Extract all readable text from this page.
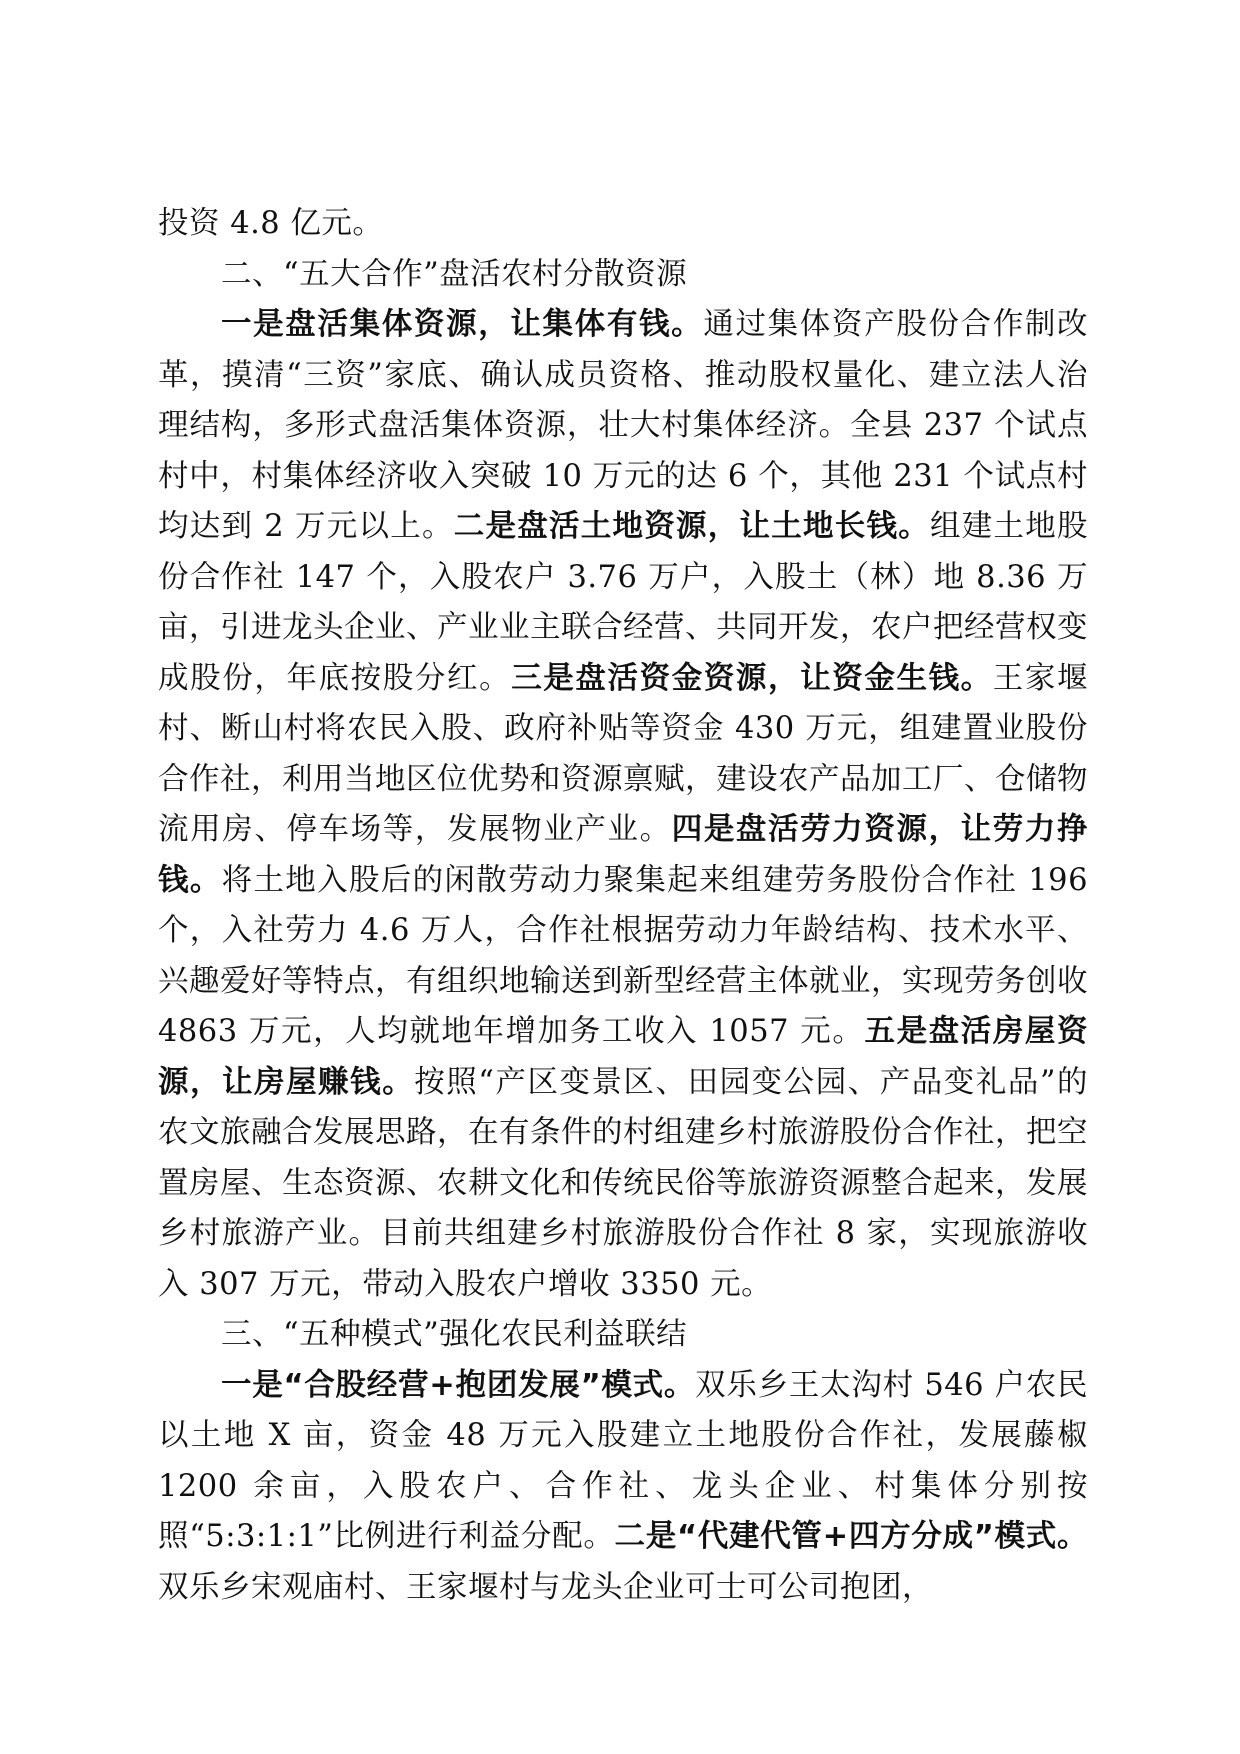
投资 4.8 亿元。

二、“五大合作”盘活农村分散资源

一是盘活集体资源，让集体有钱。通过集体资产股份合作制改革，摸清“三资”家底、确认成员资格、推动股权量化、建立法人治理结构，多形式盘活集体资源，壮大村集体经济。全县 237 个试点村中，村集体经济收入突破 10 万元的达 6 个，其他 231 个试点村均达到 2 万元以上。二是盘活土地资源，让土地长钱。组建土地股份合作社 147 个，入股农户 3.76 万户，入股土（林）地 8.36 万亩，引进龙头企业、产业业主联合经营、共同开发，农户把经营权变成股份，年底按股分红。三是盘活资金资源，让资金生钱。王家堰村、断山村将农民入股、政府补贴等资金 430 万元，组建置业股份合作社，利用当地区位优势和资源禀赋，建设农产品加工厂、仓储物流用房、停车场等，发展物业产业。四是盘活劳力资源，让劳力挣钱。将土地入股后的闲散劳动力聚集起来组建劳务股份合作社 196 个，入社劳力 4.6 万人，合作社根据劳动力年龄结构、技术水平、兴趣爱好等特点，有组织地输送到新型经营主体就业，实现劳务创收 4863 万元，人均就地年增加务工收入 1057 元。五是盘活房屋资源，让房屋赚钱。按照“产区变景区、田园变公园、产品变礼品”的农文旅融合发展思路，在有条件的村组建乡村旅游股份合作社，把空置房屋、生态资源、农耕文化和传统民俗等旅游资源整合起来，发展乡村旅游产业。目前共组建乡村旅游股份合作社 8 家，实现旅游收入 307 万元，带动入股农户增收 3350 元。

三、“五种模式”强化农民利益联结

一是“合股经营+抱团发展”模式。双乐乡王太沟村 546 户农民以土地 X 亩，资金 48 万元入股建立土地股份合作社，发展藤椒 1200 余亩，入股农户、合作社、龙头企业、村集体分别按照“5:3:1:1”比例进行利益分配。二是“代建代管+四方分成”模式。双乐乡宋观庙村、王家堰村与龙头企业可士可公司抱团，
